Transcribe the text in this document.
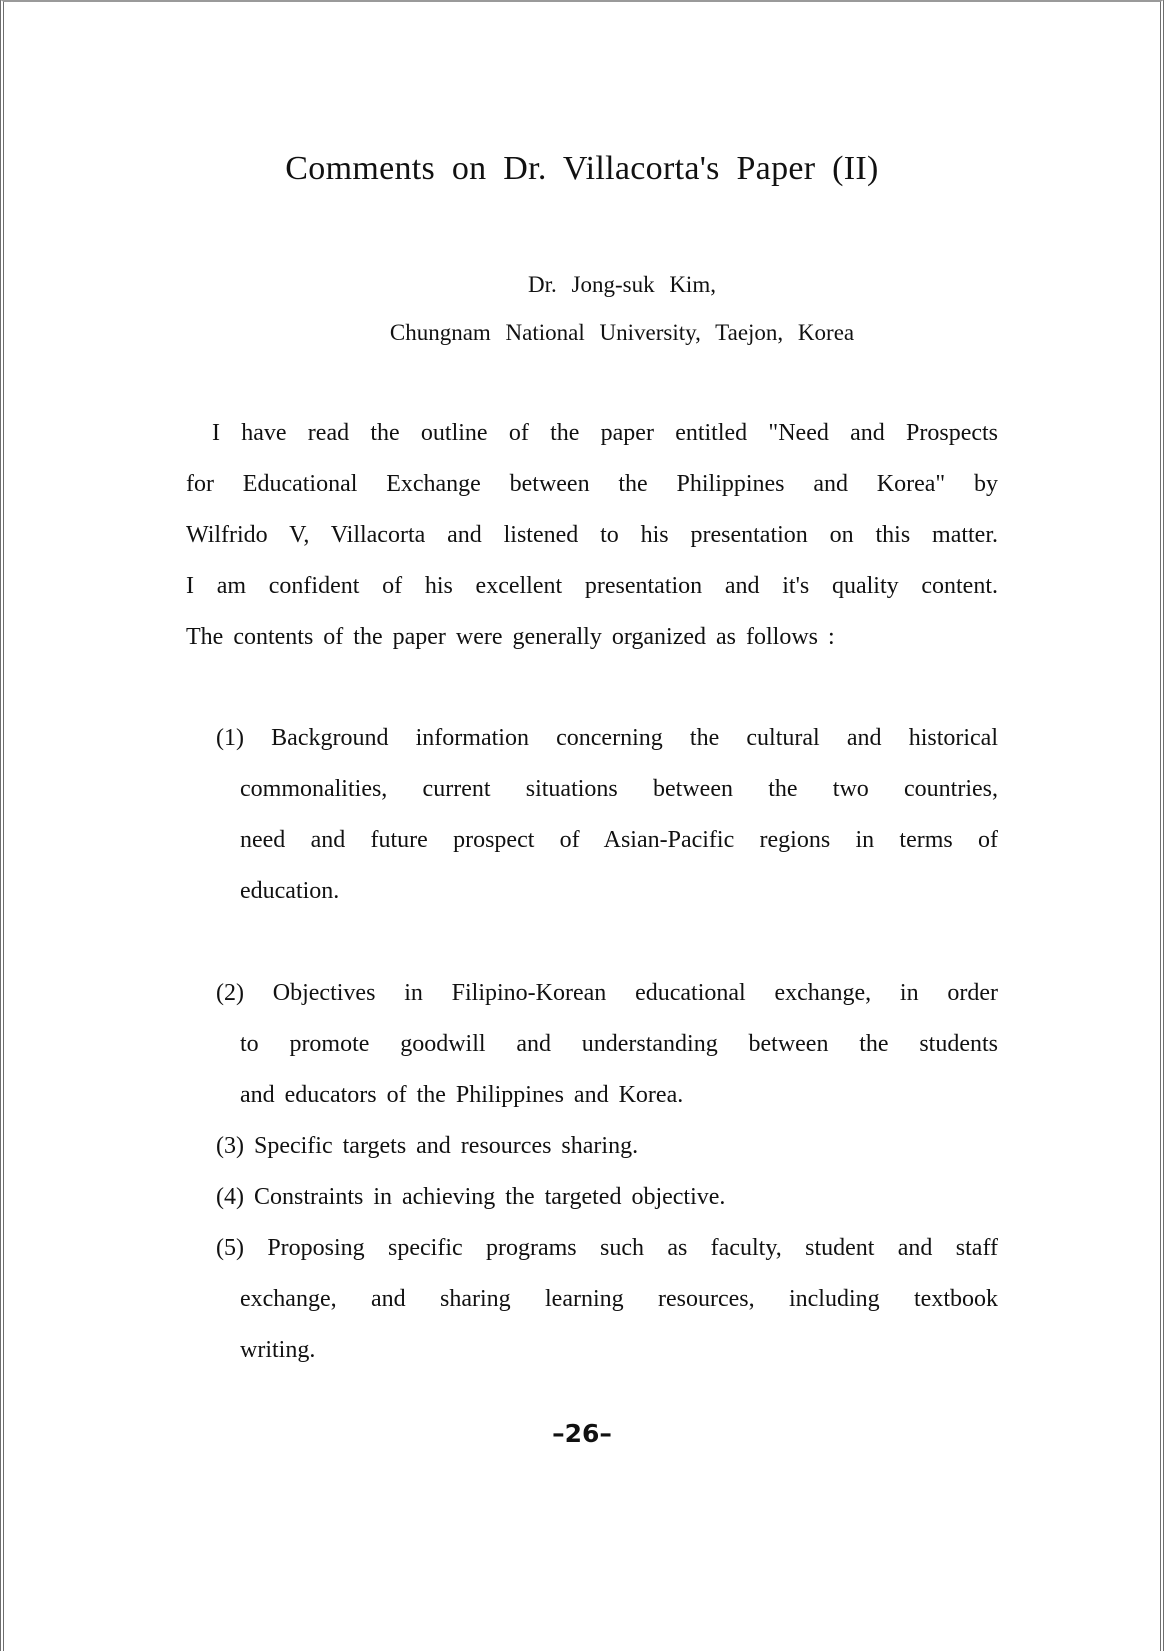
Comments on Dr. Villacorta's Paper (II)
Dr. Jong-suk Kim,
Chungnam National University, Taejon, Korea
I have read the outline of the paper entitled "Need and Prospects
for Educational Exchange between the Philippines and Korea" by
Wilfrido V, Villacorta and listened to his presentation on this matter.
I am confident of his excellent presentation and it's quality content.
The contents of the paper were generally organized as follows :
(1) Background information concerning the cultural and historical
commonalities, current situations between the two countries,
need and future prospect of Asian-Pacific regions in terms of
education.
(2) Objectives in Filipino-Korean educational exchange, in order
to promote goodwill and understanding between the students
and educators of the Philippines and Korea.
(3) Specific targets and resources sharing.
(4) Constraints in achieving the targeted objective.
(5) Proposing specific programs such as faculty, student and staff
exchange, and sharing learning resources, including textbook
writing.
–26–
